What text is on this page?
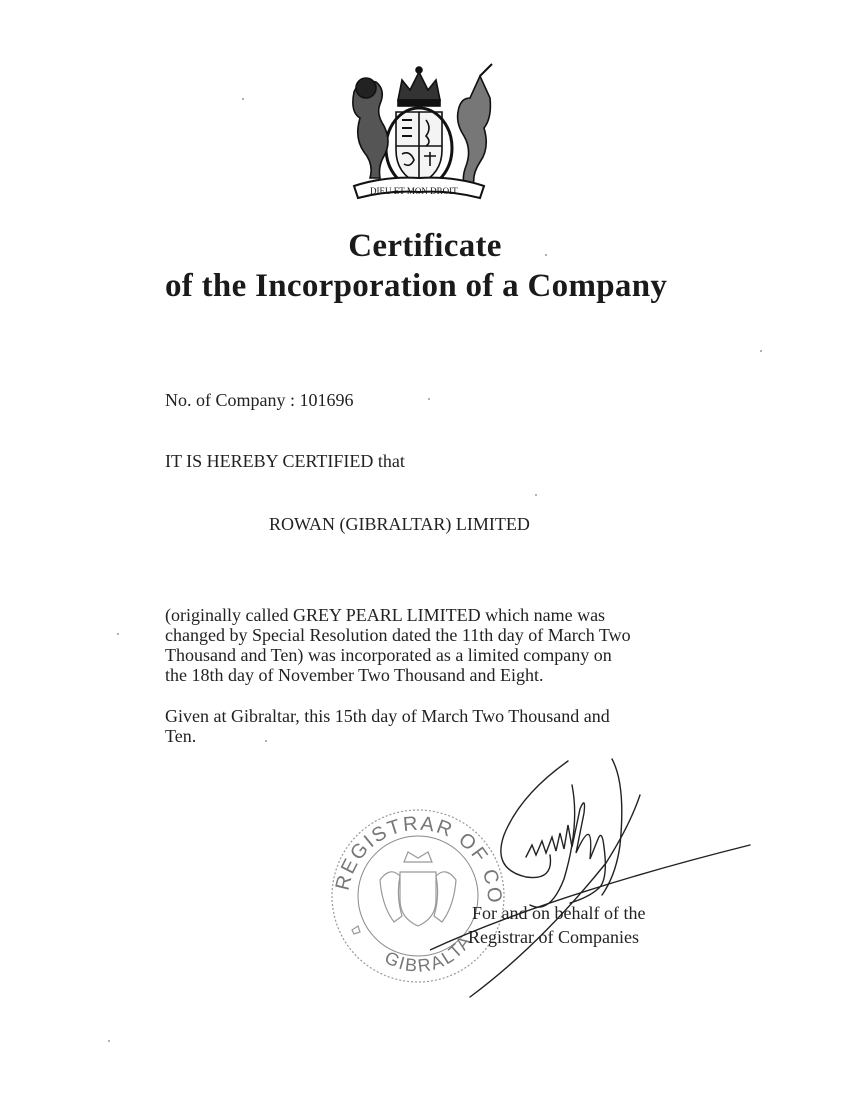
DIEU ET MON DROIT
Certificate
of the Incorporation of a Company
No. of Company : 101696
IT IS HEREBY CERTIFIED that
ROWAN (GIBRALTAR) LIMITED
(originally called GREY PEARL LIMITED which name was
changed by Special Resolution dated the 11th day of March Two
Thousand and Ten) was incorporated as a limited company on
the 18th day of November Two Thousand and Eight.
Given at Gibraltar, this 15th day of March Two Thousand and
Ten.
REGISTRAR OF CO
GIBRALTA
For and on behalf of the
Registrar of Companies
